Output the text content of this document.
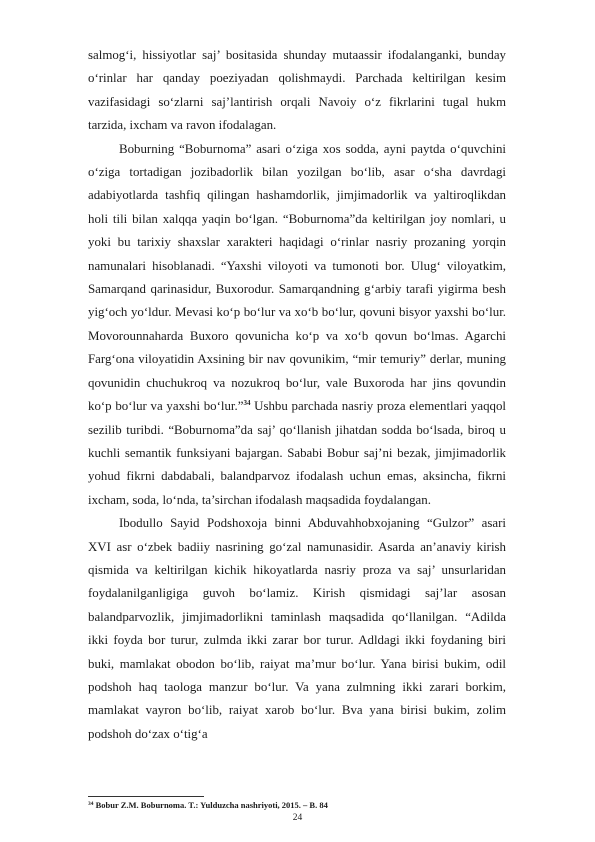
salmog‘i, hissiyotlar saj’ bositasida shunday mutaassir ifodalanganki, bunday o‘rinlar har qanday poeziyadan qolishmaydi. Parchada keltirilgan kesim vazifasidagi so‘zlarni saj’lantirish orqali Navoiy o‘z fikrlarini tugal hukm tarzida, ixcham va ravon ifodalagan.

Boburning “Boburnoma” asari o‘ziga xos sodda, ayni paytda o‘quvchini o‘ziga tortadigan jozibadorlik bilan yozilgan bo‘lib, asar o‘sha davrdagi adabiyotlarda tashfiq qilingan hashamdorlik, jimjimadorlik va yaltiroqlikdan holi tili bilan xalqqa yaqin bo‘lgan. “Boburnoma”da keltirilgan joy nomlari, u yoki bu tarixiy shaxslar xarakteri haqidagi o‘rinlar nasriy prozaning yorqin namunalari hisoblanadi. “Yaxshi viloyoti va tumonoti bor. Ulug‘ viloyatkim, Samarqand qarinasidur, Buxorodur. Samarqandning g‘arbiy tarafi yigirma besh yig‘och yo‘ldur. Mevasi ko‘p bo‘lur va xo‘b bo‘lur, qovuni bisyor yaxshi bo‘lur. Movorounnaharda Buxoro qovunicha ko‘p va xo‘b qovun bo‘lmas. Agarchi Farg‘ona viloyatidin Axsining bir nav qovunikim, “mir temuriy” derlar, muning qovunidin chuchukroq va nozukroq bo‘lur, vale Buxoroda har jins qovundin ko‘p bo‘lur va yaxshi bo‘lur.”$^{34}$ Ushbu parchada nasriy proza elementlari yaqqol sezilib turibdi. “Boburnoma”da saj’ qo‘llanish jihatdan sodda bo‘lsada, biroq u kuchli semantik funksiyani bajargan. Sababi Bobur saj’ni bezak, jimjimadorlik yohud fikrni dabdabali, balandparvoz ifodalash uchun emas, aksincha, fikrni ixcham, soda, lo‘nda, ta’sirchan ifodalash maqsadida foydalangan.

Ibodullo Sayid Podshoxoja binni Abduvahhobxojaning “Gulzor” asari XVI asr o‘zbek badiiy nasrining go‘zal namunasidir. Asarda an’anaviy kirish qismida va keltirilgan kichik hikoyatlarda nasriy proza va saj’ unsurlaridan foydalanilganligiga guvoh bo‘lamiz. Kirish qismidagi saj’lar asosan balandparvozlik, jimjimadorlikni taminlash maqsadida qo‘llanilgan. “Adilda ikki foyda bor turur, zulmda ikki zarar bor turur. Adldagi ikki foydaning biri buki, mamlakat obodon bo‘lib, raiyat ma’mur bo‘lur. Yana birisi bukim, odil podshoh haq taologa manzur bo‘lur. Va yana zulmning ikki zarari borkim, mamlakat vayron bo‘lib, raiyat xarob bo‘lur. Bva yana birisi bukim, zolim podshoh do‘zax o‘tig‘a

$^{34}$ Bobur Z.M. Boburnoma. T.: Yulduzcha nashriyoti, 2015. – B. 84
24
